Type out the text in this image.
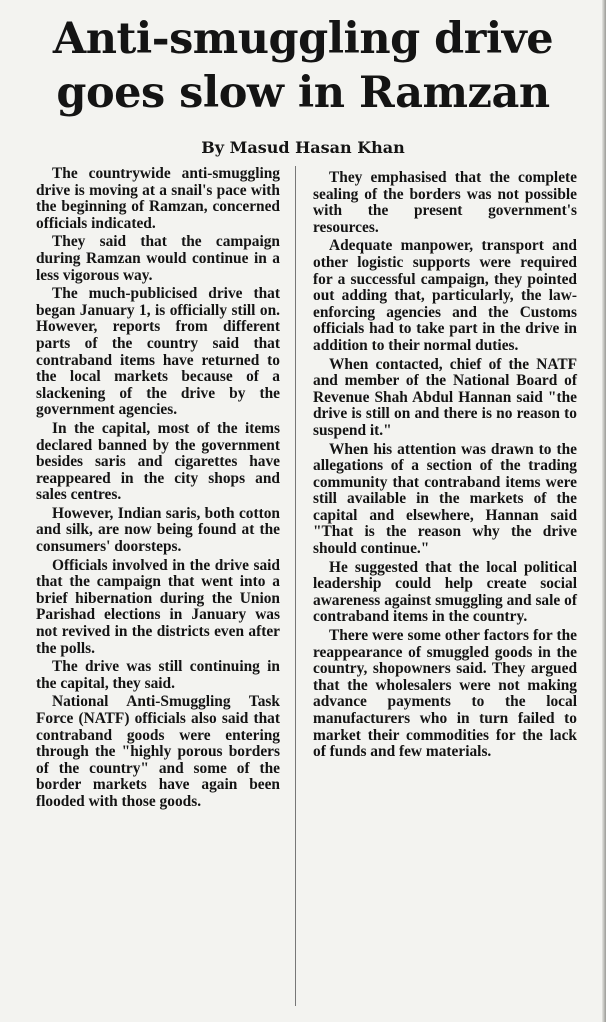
Anti-smuggling drive
goes slow in Ramzan
By Masud Hasan Khan

The countrywide anti-smuggling drive is moving at a snail's pace with the beginning of Ramzan, concerned officials indicated.

They said that the campaign during Ramzan would continue in a less vigorous way.

The much-publicised drive that began January 1, is officially still on. However, reports from different parts of the country said that contraband items have returned to the local markets because of a slackening of the drive by the government agencies.

In the capital, most of the items declared banned by the government besides saris and cigarettes have reappeared in the city shops and sales centres.

However, Indian saris, both cotton and silk, are now being found at the consumers' doorsteps.

Officials involved in the drive said that the campaign that went into a brief hibernation during the Union Parishad elections in January was not revived in the districts even after the polls.

The drive was still continuing in the capital, they said.

National Anti-Smuggling Task Force (NATF) officials also said that contraband goods were entering through the "highly porous borders of the country" and some of the border markets have again been flooded with those goods.

They emphasised that the complete sealing of the borders was not possible with the present government's resources.

Adequate manpower, transport and other logistic supports were required for a successful campaign, they pointed out adding that, particularly, the law-enforcing agencies and the Customs officials had to take part in the drive in addition to their normal duties.

When contacted, chief of the NATF and member of the National Board of Revenue Shah Abdul Hannan said "the drive is still on and there is no reason to suspend it."

When his attention was drawn to the allegations of a section of the trading community that contraband items were still available in the markets of the capital and elsewhere, Hannan said "That is the reason why the drive should continue."

He suggested that the local political leadership could help create social awareness against smuggling and sale of contraband items in the country.

There were some other factors for the reappearance of smuggled goods in the country, shopowners said. They argued that the wholesalers were not making advance payments to the local manufacturers who in turn failed to market their commodities for the lack of funds and few materials.
